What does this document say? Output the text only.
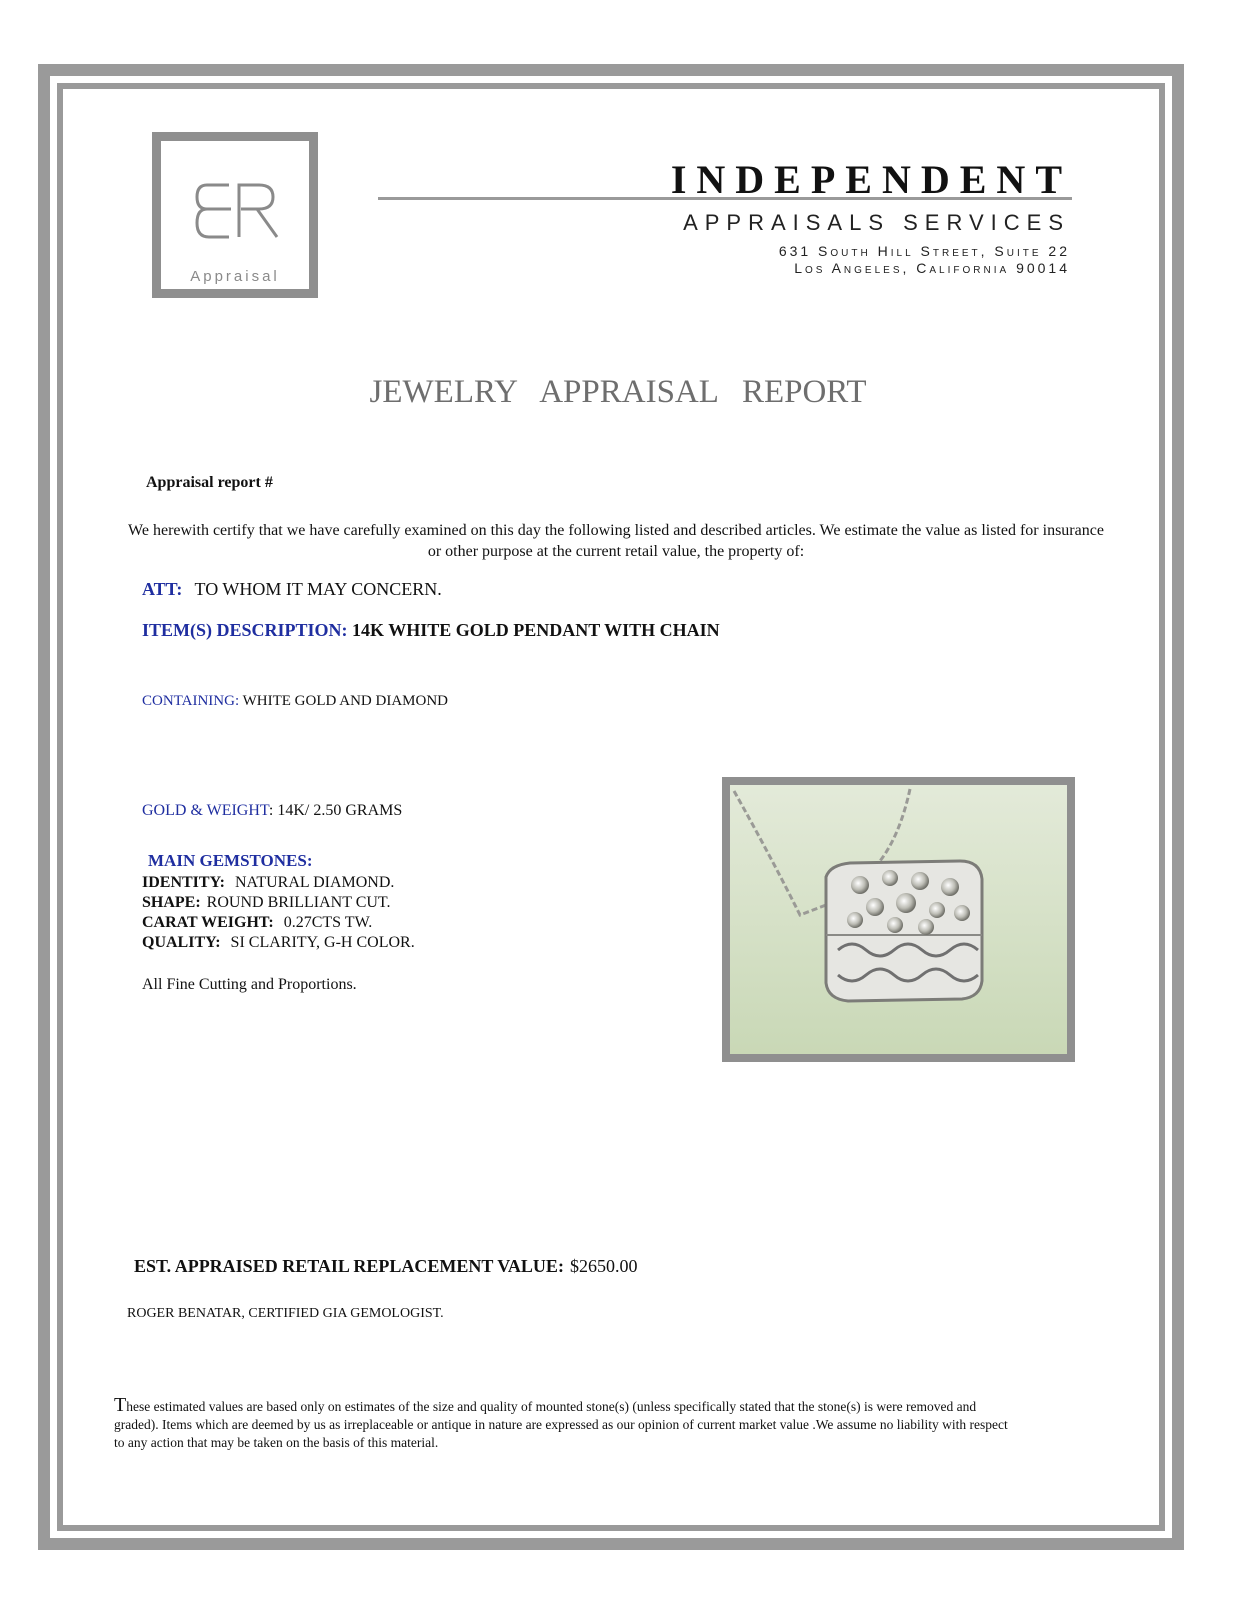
Appraisal
INDEPENDENT
APPRAISALS SERVICES
631 South Hill Street, Suite 22
Los Angeles, California 90014
JEWELRY APPRAISAL REPORT
Appraisal report #
We herewith certify that we have carefully examined on this day the following listed and described articles. We estimate the value as listed for insurance or other purpose at the current retail value, the property of:
ATT: TO WHOM IT MAY CONCERN.
ITEM(S) DESCRIPTION: 14K WHITE GOLD PENDANT WITH CHAIN
CONTAINING: WHITE GOLD AND DIAMOND
GOLD & WEIGHT: 14K/ 2.50 GRAMS
MAIN GEMSTONES:
IDENTITY: NATURAL DIAMOND.
SHAPE: ROUND BRILLIANT CUT.
CARAT WEIGHT: 0.27CTS TW.
QUALITY: SI CLARITY, G-H COLOR.
All Fine Cutting and Proportions.
EST. APPRAISED RETAIL REPLACEMENT VALUE: $2650.00
ROGER BENATAR, CERTIFIED GIA GEMOLOGIST.
These estimated values are based only on estimates of the size and quality of mounted stone(s) (unless specifically stated that the stone(s) is were removed and graded). Items which are deemed by us as irreplaceable or antique in nature are expressed as our opinion of current market value .We assume no liability with respect to any action that may be taken on the basis of this material.
